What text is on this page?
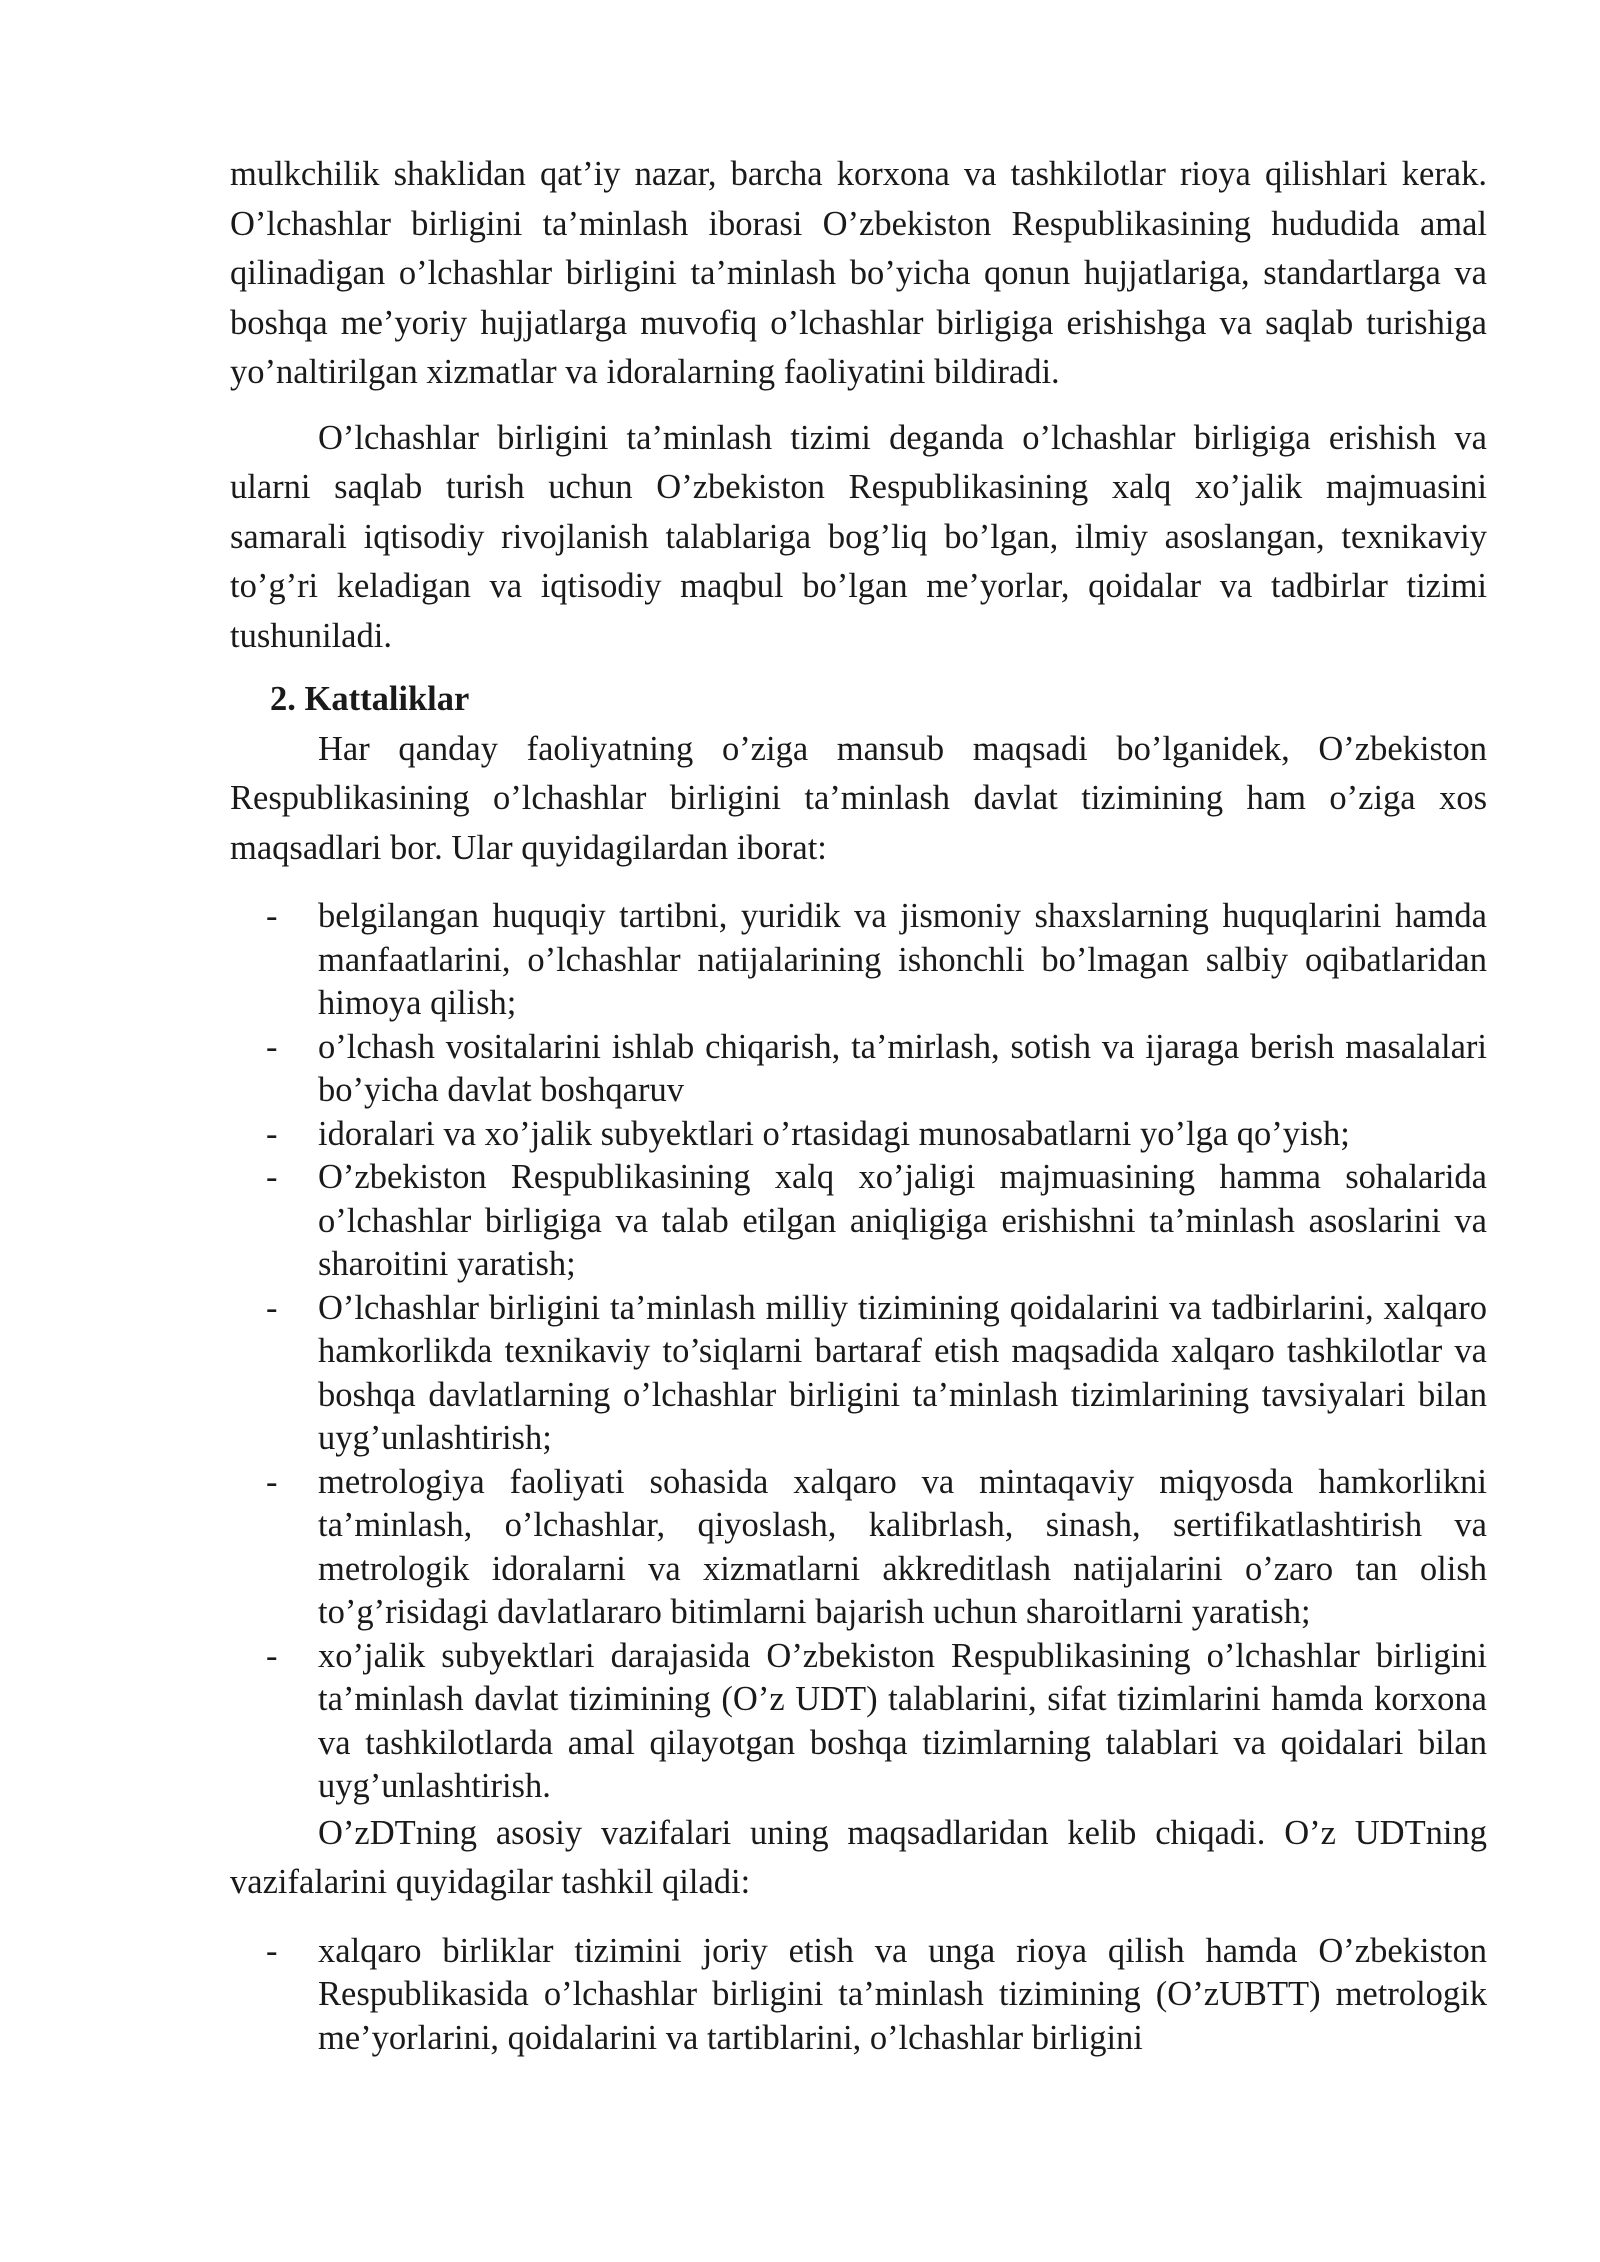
mulkchilik shaklidan qat’iy nazar, barcha korxona va tashkilotlar rioya qilishlari kerak. O’lchashlar birligini ta’minlash iborasi O’zbekiston Respublikasining hududida amal qilinadigan o’lchashlar birligini ta’minlash bo’yicha qonun hujjatlariga, standartlarga va boshqa me’yoriy hujjatlarga muvofiq o’lchashlar birligiga erishishga va saqlab turishiga yo’naltirilgan xizmatlar va idoralarning faoliyatini bildiradi.

O’lchashlar birligini ta’minlash tizimi deganda o’lchashlar birligiga erishish va ularni saqlab turish uchun O’zbekiston Respublikasining xalq xo’jalik majmuasini samarali iqtisodiy rivojlanish talablariga bog’liq bo’lgan, ilmiy asoslangan, texnikaviy to’g’ri keladigan va iqtisodiy maqbul bo’lgan me’yorlar, qoidalar va tadbirlar tizimi tushuniladi.

2. Kattaliklar

Har qanday faoliyatning o’ziga mansub maqsadi bo’lganidek, O’zbekiston Respublikasining o’lchashlar birligini ta’minlash davlat tizimining ham o’ziga xos maqsadlari bor. Ular quyidagilardan iborat:

- belgilangan huquqiy tartibni, yuridik va jismoniy shaxslarning huquqlarini hamda manfaatlarini, o’lchashlar natijalarining ishonchli bo’lmagan salbiy oqibatlaridan himoya qilish;
- o’lchash vositalarini ishlab chiqarish, ta’mirlash, sotish va ijaraga berish masalalari bo’yicha davlat boshqaruv
- idoralari va xo’jalik subyektlari o’rtasidagi munosabatlarni yo’lga qo’yish;
- O’zbekiston Respublikasining xalq xo’jaligi majmuasining hamma sohalarida o’lchashlar birligiga va talab etilgan aniqligiga erishishni ta’minlash asoslarini va sharoitini yaratish;
- O’lchashlar birligini ta’minlash milliy tizimining qoidalarini va tadbirlarini, xalqaro hamkorlikda texnikaviy to’siqlarni bartaraf etish maqsadida xalqaro tashkilotlar va boshqa davlatlarning o’lchashlar birligini ta’minlash tizimlarining tavsiyalari bilan uyg’unlashtirish;
- metrologiya faoliyati sohasida xalqaro va mintaqaviy miqyosda hamkorlikni ta’minlash, o’lchashlar, qiyoslash, kalibrlash, sinash, sertifikatlashtirish va metrologik idoralarni va xizmatlarni akkreditlash natijalarini o’zaro tan olish to’g’risidagi davlatlararo bitimlarni bajarish uchun sharoitlarni yaratish;
- xo’jalik subyektlari darajasida O’zbekiston Respublikasining o’lchashlar birligini ta’minlash davlat tizimining (O’z UDT) talablarini, sifat tizimlarini hamda korxona va tashkilotlarda amal qilayotgan boshqa tizimlarning talablari va qoidalari bilan uyg’unlashtirish.

O’zDTning asosiy vazifalari uning maqsadlaridan kelib chiqadi. O’z UDTning vazifalarini quyidagilar tashkil qiladi:

- xalqaro birliklar tizimini joriy etish va unga rioya qilish hamda O’zbekiston Respublikasida o’lchashlar birligini ta’minlash tizimining (O’zUBTT) metrologik me’yorlarini, qoidalarini va tartiblarini, o’lchashlar birligini
